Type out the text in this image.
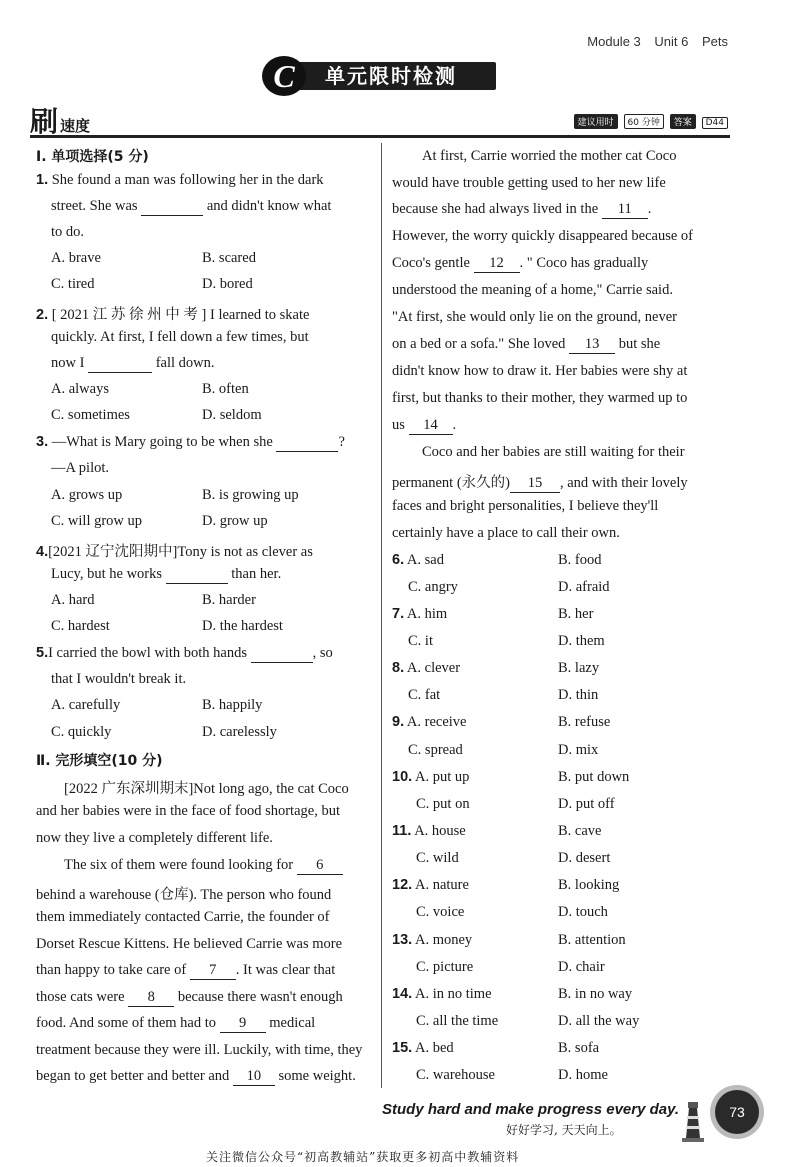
Module 3 Unit 6 Pets
单元限时检测
C
刷速度	建议用时 60 分钟 答案 D44
Ⅰ. 单项选择(5 分)
1. She found a man was following her in the dark
street. She was	and didn't know what
to do.
A. brave	B. scared
C. tired	D. bored
2. [ 2021 江 苏 徐 州 中 考 ] I learned to skate
quickly. At first, I fell down a few times, but
now I	fall down.
A. always	B. often
C. sometimes	D. seldom
3. —What is Mary going to be when she	?
—A pilot.
A. grows up	B. is growing up
C. will grow up	D. grow up
4.[2021 辽宁沈阳期中]Tony is not as clever as
Lucy, but he works	than her.
A. hard	B. harder
C. hardest	D. the hardest
5.I carried the bowl with both hands	, so
that I wouldn't break it.
A. carefully	B. happily
C. quickly	D. carelessly
Ⅱ. 完形填空(10 分)
[2022 广东深圳期末]Not long ago, the cat Coco
and her babies were in the face of food shortage, but
now they live a completely different life.
The six of them were found looking for 6
behind a warehouse (仓库). The person who found
them immediately contacted Carrie, the founder of
Dorset Rescue Kittens. He believed Carrie was more
than happy to take care of 7 . It was clear that
those cats were 8 because there wasn't enough
food. And some of them had to 9 medical
treatment because they were ill. Luckily, with time, they
began to get better and better and 10 some weight.
At first, Carrie worried the mother cat Coco
would have trouble getting used to her new life
because she had always lived in the 11 .
However, the worry quickly disappeared because of
Coco's gentle 12 . " Coco has gradually
understood the meaning of a home," Carrie said.
"At first, she would only lie on the ground, never
on a bed or a sofa." She loved 13 but she
didn't know how to draw it. Her babies were shy at
first, but thanks to their mother, they warmed up to
us 14 .
Coco and her babies are still waiting for their
permanent (永久的) 15 , and with their lovely
faces and bright personalities, I believe they'll
certainly have a place to call their own.
6. A. sad	B. food
C. angry	D. afraid
7. A. him	B. her
C. it	D. them
8. A. clever	B. lazy
C. fat	D. thin
9. A. receive	B. refuse
C. spread	D. mix
10. A. put up	B. put down
C. put on	D. put off
11. A. house	B. cave
C. wild	D. desert
12. A. nature	B. looking
C. voice	D. touch
13. A. money	B. attention
C. picture	D. chair
14. A. in no time	B. in no way
C. all the time	D. all the way
15. A. bed	B. sofa
C. warehouse	D. home
Study hard and make progress every day.
好好学习, 天天向上。
73
关注微信公众号“初高教辅站”获取更多初高中教辅资料
